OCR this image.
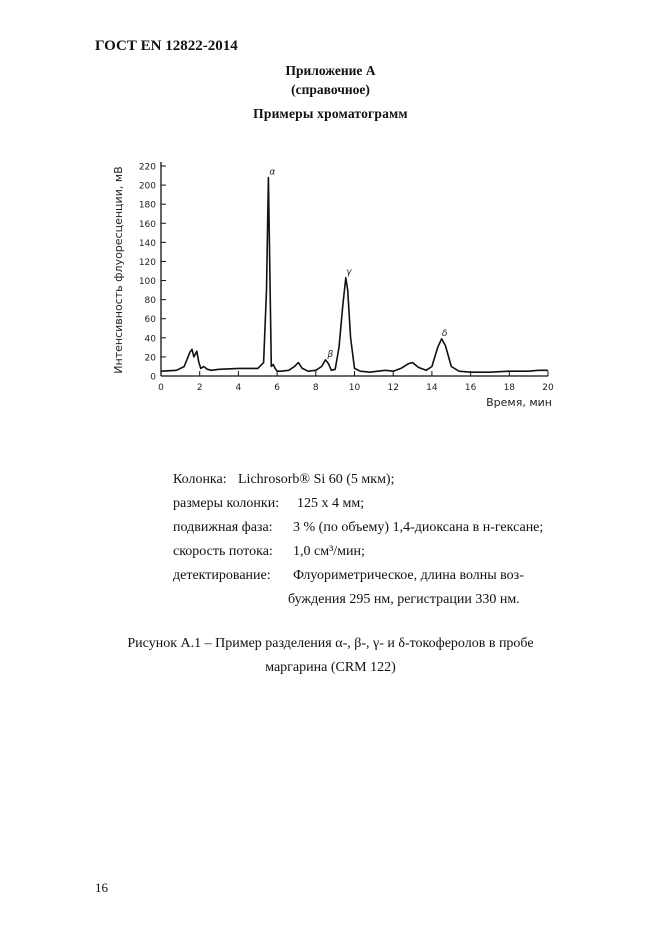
ГОСТ EN 12822-2014
Приложение А
(справочное)
Примеры хроматограмм
0
20
40
60
80
100
120
140
160
180
200
220
0	2	4	6	8	10	12	14	16	18	20
α
β
γ
δ
Интенсивность флуоресценции, мВ
Время, мин
Колонка: Lichrosorb® Si 60 (5 мкм);
размеры колонки: 125 x 4 мм;
подвижная фаза: 3 % (по объему) 1,4-диоксана в н-гексане;
скорость потока: 1,0 см³/мин;
детектирование: Флуориметрическое, длина волны воз-
буждения 295 нм, регистрации 330 нм.
Рисунок А.1 – Пример разделения α-, β-, γ- и δ-токоферолов в пробе
маргарина (CRM 122)
16
